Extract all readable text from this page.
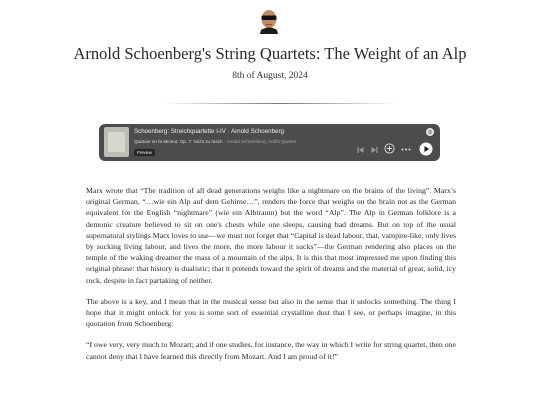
Arnold Schoenberg's String Quartets: The Weight of an Alp
8th of August, 2024
Schoenberg: Streichquartette I-IV · Arnold Schoenberg
Quatuor en fa Mineur, Op. 7: Nicht zu rasch · Arnold Schoenberg, Arditti Quartet
Preview

Marx wrote that “The tradition of all dead generations weighs like a nightmare on the brains of the living”. Marx’s original German, “…wie ein Alp auf dem Gehirne…”, renders the force that weighs on the brain not as the German equivalent for the English “nightmare” (wie ein Albtraum) but the word “Alp”. The Alp in German folklore is a demonic creature believed to sit on one's chests while one sleeps, causing bad dreams. But on top of the usual supernatural stylings Marx loves to use—we must not forget that “Capital is dead labour, that, vampire-like, only lives by sucking living labour, and lives the more, the more labour it sucks”—the German rendering also places on the temple of the waking dreamer the mass of a mountain of the alps. It is this that most impressed me upon finding this original phrase: that history is dualistic; that it pretends toward the spirit of dreams and the material of great, solid, icy rock, despite in fact partaking of neither.

The above is a key, and I mean that in the musical sense but also in the sense that it unlocks something. The thing I hope that it might unlock for you is some sort of essential crystalline dust that I see, or perhaps imagine, in this quotation from Schoenberg:

“I owe very, very much to Mozart; and if one studies, for instance, the way in which I write for string quartet, then one cannot deny that I have learned this directly from Mozart. And I am proud of it!”
